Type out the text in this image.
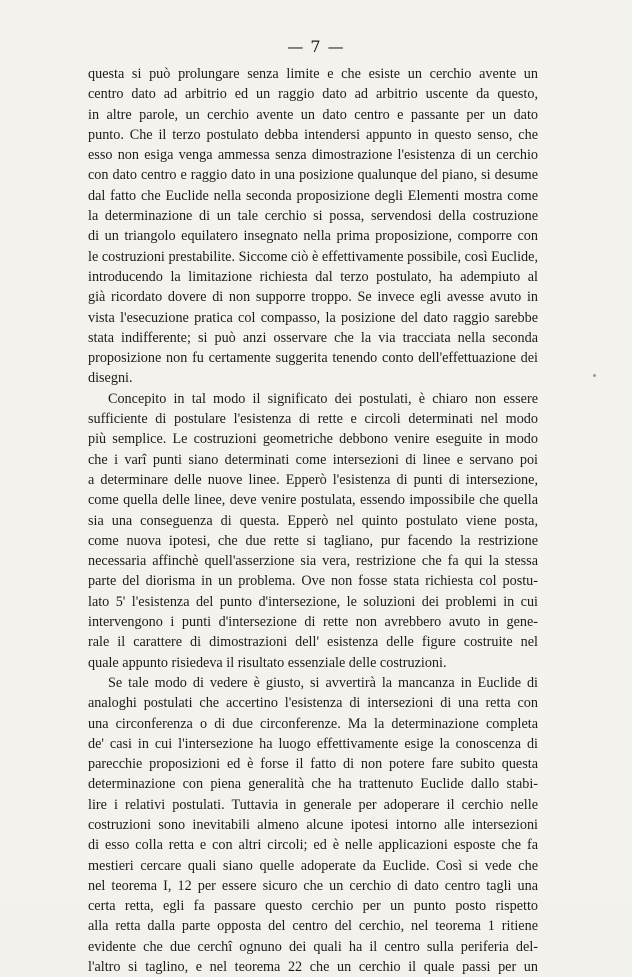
— 7 —
questa si può prolungare senza limite e che esiste un cerchio avente un
centro dato ad arbitrio ed un raggio dato ad arbitrio uscente da questo,
in altre parole, un cerchio avente un dato centro e passante per un dato
punto. Che il terzo postulato debba intendersi appunto in questo senso, che
esso non esiga venga ammessa senza dimostrazione l'esistenza di un cerchio
con dato centro e raggio dato in una posizione qualunque del piano, si desume
dal fatto che Euclide nella seconda proposizione degli Elementi mostra come
la determinazione di un tale cerchio si possa, servendosi della costruzione
di un triangolo equilatero insegnato nella prima proposizione, comporre con
le costruzioni prestabilite. Siccome ciò è effettivamente possibile, così Euclide,
introducendo la limitazione richiesta dal terzo postulato, ha adempiuto al
già ricordato dovere di non supporre troppo. Se invece egli avesse avuto in
vista l'esecuzione pratica col compasso, la posizione del dato raggio sarebbe
stata indifferente; si può anzi osservare che la via tracciata nella seconda
proposizione non fu certamente suggerita tenendo conto dell'effettuazione dei
disegni.
Concepito in tal modo il significato dei postulati, è chiaro non essere
sufficiente di postulare l'esistenza di rette e circoli determinati nel modo
più semplice. Le costruzioni geometriche debbono venire eseguite in modo
che i varî punti siano determinati come intersezioni di linee e servano poi
a determinare delle nuove linee. Epperò l'esistenza di punti di intersezione,
come quella delle linee, deve venire postulata, essendo impossibile che quella
sia una conseguenza di questa. Epperò nel quinto postulato viene posta,
come nuova ipotesi, che due rette si tagliano, pur facendo la restrizione
necessaria affinchè quell'asserzione sia vera, restrizione che fa qui la stessa
parte del diorisma in un problema. Ove non fosse stata richiesta col postu-
lato 5' l'esistenza del punto d'intersezione, le soluzioni dei problemi in cui
intervengono i punti d'intersezione di rette non avrebbero avuto in gene-
rale il carattere di dimostrazioni dell' esistenza delle figure costruite nel
quale appunto risiedeva il risultato essenziale delle costruzioni.
Se tale modo di vedere è giusto, si avvertirà la mancanza in Euclide di
analoghi postulati che accertino l'esistenza di intersezioni di una retta con
una circonferenza o di due circonferenze. Ma la determinazione completa
de' casi in cui l'intersezione ha luogo effettivamente esige la conoscenza di
parecchie proposizioni ed è forse il fatto di non potere fare subito questa
determinazione con piena generalità che ha trattenuto Euclide dallo stabi-
lire i relativi postulati. Tuttavia in generale per adoperare il cerchio nelle
costruzioni sono inevitabili almeno alcune ipotesi intorno alle intersezioni
di esso colla retta e con altri circoli; ed è nelle applicazioni esposte che fa
mestieri cercare quali siano quelle adoperate da Euclide. Così si vede che
nel teorema I, 12 per essere sicuro che un cerchio di dato centro tagli una
certa retta, egli fa passare questo cerchio per un punto posto rispetto
alla retta dalla parte opposta del centro del cerchio, nel teorema 1 ritiene
evidente che due cerchî ognuno dei quali ha il centro sulla periferia del-
l'altro si taglino, e nel teorema 22 che un cerchio il quale passi per un
